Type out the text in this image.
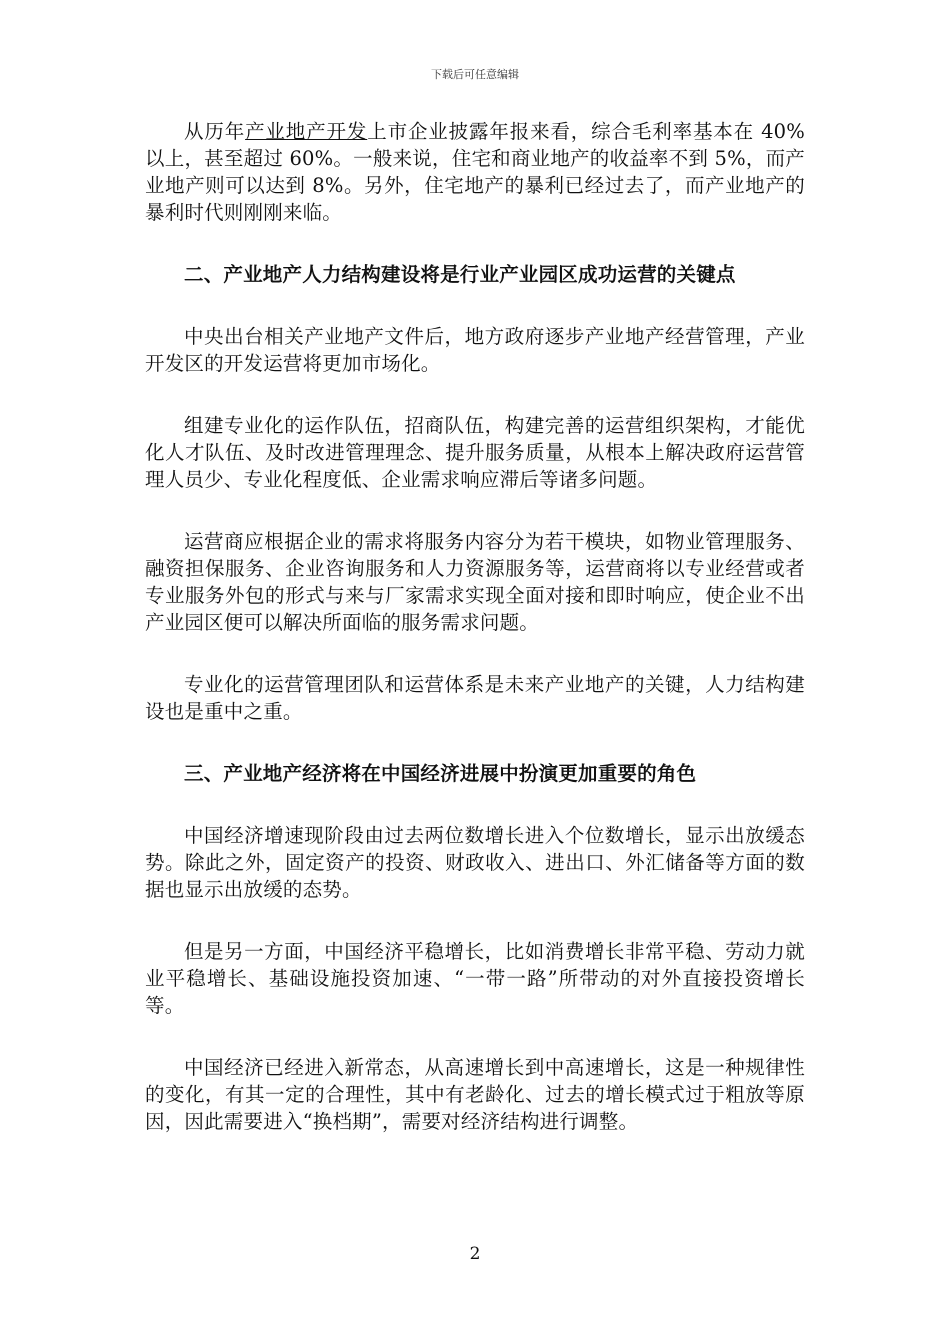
下载后可任意编辑

从历年产业地产开发上市企业披露年报来看，综合毛利率基本在 40%以上，甚至超过 60%。一般来说，住宅和商业地产的收益率不到 5%，而产业地产则可以达到 8%。另外，住宅地产的暴利已经过去了，而产业地产的暴利时代则刚刚来临。

二、产业地产人力结构建设将是行业产业园区成功运营的关键点

中央出台相关产业地产文件后，地方政府逐步产业地产经营管理，产业开发区的开发运营将更加市场化。

组建专业化的运作队伍，招商队伍，构建完善的运营组织架构，才能优化人才队伍、及时改进管理理念、提升服务质量，从根本上解决政府运营管理人员少、专业化程度低、企业需求响应滞后等诸多问题。

运营商应根据企业的需求将服务内容分为若干模块，如物业管理服务、融资担保服务、企业咨询服务和人力资源服务等，运营商将以专业经营或者专业服务外包的形式与来与厂家需求实现全面对接和即时响应，使企业不出产业园区便可以解决所面临的服务需求问题。

专业化的运营管理团队和运营体系是未来产业地产的关键，人力结构建设也是重中之重。

三、产业地产经济将在中国经济进展中扮演更加重要的角色

中国经济增速现阶段由过去两位数增长进入个位数增长，显示出放缓态势。除此之外，固定资产的投资、财政收入、进出口、外汇储备等方面的数据也显示出放缓的态势。

但是另一方面，中国经济平稳增长，比如消费增长非常平稳、劳动力就业平稳增长、基础设施投资加速、“一带一路”所带动的对外直接投资增长等。

中国经济已经进入新常态，从高速增长到中高速增长，这是一种规律性的变化，有其一定的合理性，其中有老龄化、过去的增长模式过于粗放等原因，因此需要进入“换档期”，需要对经济结构进行调整。

2
